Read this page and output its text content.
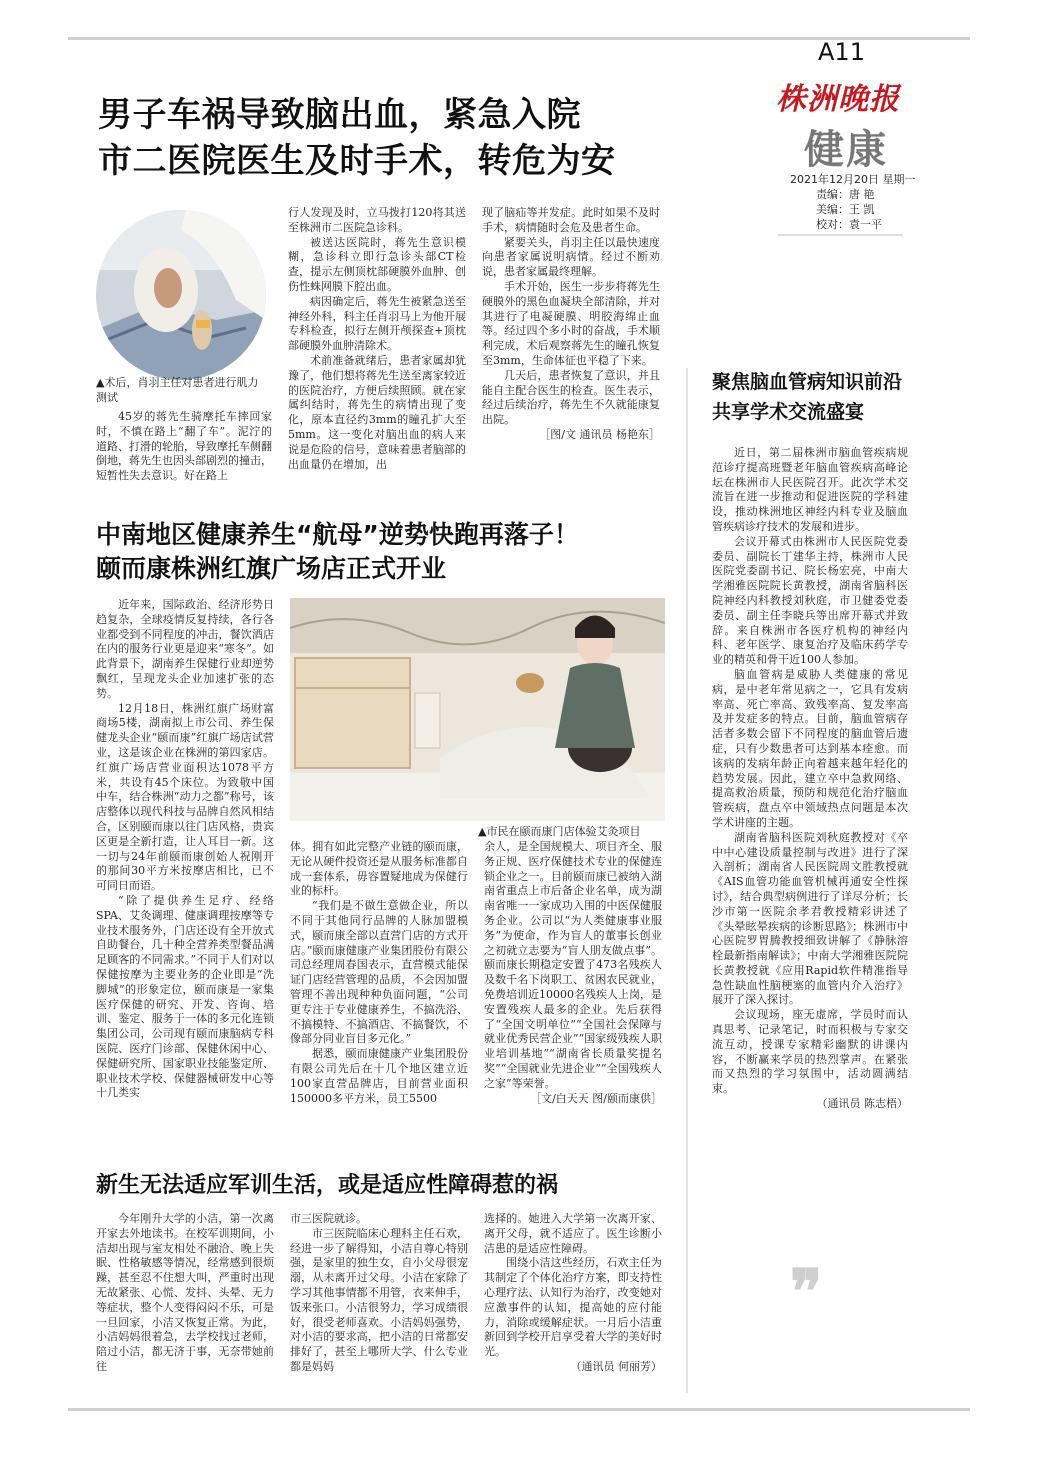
A11
株洲晚报
健康
2021年12月20日 星期一
责编：唐 艳
美编：王 凯
校对：袁一平
男子车祸导致脑出血，紧急入院
市二医院医生及时手术，转危为安
▲术后，肖羽主任对患者进行肌力测试

45岁的蒋先生骑摩托车摔回家时，不慎在路上“翻了车”。泥泞的道路、打滑的轮胎，导致摩托车侧翻倒地，蒋先生也因头部剧烈的撞击，短暂性失去意识。好在路上

行人发现及时，立马拨打120将其送至株洲市二医院急诊科。

被送达医院时，蒋先生意识模糊，急诊科立即行急诊头部CT检查，提示左侧顶枕部硬膜外血肿、创伤性蛛网膜下腔出血。

病因确定后，蒋先生被紧急送至神经外科，科主任肖羽马上为他开展专科检查，拟行左侧开颅探查+顶枕部硬膜外血肿清除术。

术前准备就绪后，患者家属却犹豫了，他们想将蒋先生送至离家较近的医院治疗，方便后续照顾。就在家属纠结时，蒋先生的病情出现了变化，原本直径约3mm的瞳孔扩大至5mm。这一变化对脑出血的病人来说是危险的信号，意味着患者脑部的出血量仍在增加，出

现了脑疝等并发症。此时如果不及时手术，病情随时会危及患者生命。

紧要关头，肖羽主任以最快速度向患者家属说明病情。经过不断劝说，患者家属最终理解。

手术开始，医生一步步将蒋先生硬膜外的黑色血凝块全部清除，并对其进行了电凝硬膜、明胶海绵止血等。经过四个多小时的奋战，手术顺利完成，术后观察蒋先生的瞳孔恢复至3mm，生命体征也平稳了下来。

几天后，患者恢复了意识，并且能自主配合医生的检查。医生表示，经过后续治疗，蒋先生不久就能康复出院。

［图/文 通讯员 杨艳东］

中南地区健康养生“航母”逆势快跑再落子！
颐而康株洲红旗广场店正式开业

近年来，国际政治、经济形势日趋复杂，全球疫情反复持续，各行各业都受到不同程度的冲击，餐饮酒店在内的服务行业更是迎来“寒冬”。如此背景下，湖南养生保健行业却逆势飘红，呈现龙头企业加速扩张的态势。

12月18日，株洲红旗广场财富商场5楼，湖南拟上市公司、养生保健龙头企业“颐而康”红旗广场店试营业，这是该企业在株洲的第四家店。红旗广场店营业面积达1078平方米，共设有45个床位。为致敬中国中车，结合株洲“动力之都”称号，该店整体以现代科技与品牌自然风相结合，区别颐而康以往门店风格，贵宾区更是全新打造，让人耳目一新。这一切与24年前颐而康创始人祝刚开的那间30平方米按摩店相比，已不可同日而语。

“除了提供养生足疗、经络SPA、艾灸调理、健康调理按摩等专业技术服务外，门店还设有全开放式自助餐台，几十种全营养类型餐品满足顾客的不同需求。”不同于人们对以保健按摩为主要业务的企业即是“洗脚城”的形象定位，颐而康是一家集医疗保健的研究、开发、咨询、培训、鉴定、服务于一体的多元化连锁集团公司，公司现有颐而康脑病专科医院、医疗门诊部、保健休闲中心、保健研究所、国家职业技能鉴定所、职业技术学校、保健器械研发中心等十几类实

▲市民在颐而康门店体验艾灸项目

体。拥有如此完整产业链的颐而康，无论从硬件投资还是从服务标准都自成一套体系，毋容置疑地成为保健行业的标杆。

“我们是不做生意做企业，所以不同于其他同行品牌的人脉加盟模式，颐而康全部以直营门店的方式开店。”颐而康健康产业集团股份有限公司总经理周春国表示，直营模式能保证门店经营管理的品质，不会因加盟管理不善出现种种负面问题，“公司更专注于专业健康养生，不搞洗浴、不搞模特、不搞酒店、不搞餐饮，不像部分同业盲目多元化。”

据悉，颐而康健康产业集团股份有限公司先后在十几个地区建立近100家直营品牌店，目前营业面积150000多平方米，员工5500

余人，是全国规模大、项目齐全、服务正规、医疗保健技术专业的保健连锁企业之一。目前颐而康已被纳入湖南省重点上市后备企业名单，成为湖南省唯一一家成功入围的中医保健服务企业。公司以“为人类健康事业服务”为使命，作为盲人的董事长创业之初就立志要为“盲人朋友做点事”。颐而康长期稳定安置了473名残疾人及数千名下岗职工、贫困农民就业，免费培训近10000名残疾人上岗，是安置残疾人最多的企业。先后获得了“全国文明单位”“全国社会保障与就业优秀民营企业”“国家级残疾人职业培训基地”“湖南省长质量奖提名奖”“全国就业先进企业”“全国残疾人之家”等荣誉。

［文/白天天 图/颐而康供］

新生无法适应军训生活，或是适应性障碍惹的祸

今年刚升大学的小洁，第一次离开家去外地读书。在校军训期间，小洁却出现与室友相处不融洽、晚上失眠、性格敏感等情况，经常感到很烦躁，甚至忍不住想大叫，严重时出现无故紧张、心慌、发抖、头晕、无力等症状，整个人变得闷闷不乐，可是一旦回家，小洁又恢复正常。为此，小洁妈妈很着急，去学校找过老师，陪过小洁，都无济于事，无奈带她前往

市三医院就诊。

市三医院临床心理科主任石欢，经进一步了解得知，小洁自尊心特别强，是家里的独生女，自小父母很宠溺，从未离开过父母。小洁在家除了学习其他事情都不用管，衣来伸手，饭来张口。小洁很努力，学习成绩很好，很受老师喜欢。小洁妈妈强势，对小洁的要求高，把小洁的日常都安排好了，甚至上哪所大学、什么专业都是妈妈

选择的。她进入大学第一次离开家、离开父母，就不适应了。医生诊断小洁患的是适应性障碍。

围绕小洁这些经历，石欢主任为其制定了个体化治疗方案，即支持性心理疗法、认知行为治疗，改变她对应激事件的认知，提高她的应付能力，消除或缓解症状。一月后小洁重新回到学校开启享受着大学的美好时光。

（通讯员 何丽芳）

聚焦脑血管病知识前沿
共享学术交流盛宴

近日，第二届株洲市脑血管疾病规范诊疗提高班暨老年脑血管疾病高峰论坛在株洲市人民医院召开。此次学术交流旨在进一步推动和促进医院的学科建设，推动株洲地区神经内科专业及脑血管疾病诊疗技术的发展和进步。

会议开幕式由株洲市人民医院党委委员、副院长丁建华主持，株洲市人民医院党委副书记、院长杨宏亮，中南大学湘雅医院院长黄教授，湖南省脑科医院神经内科教授刘秋庭，市卫健委党委委员、副主任李晓兵等出席开幕式并致辞。来自株洲市各医疗机构的神经内科、老年医学、康复治疗及临床药学专业的精英和骨干近100人参加。

脑血管病是威胁人类健康的常见病，是中老年常见病之一，它具有发病率高、死亡率高、致残率高、复发率高及并发症多的特点。目前，脑血管病存活者多数会留下不同程度的脑血管后遗症，只有少数患者可达到基本痊愈。而该病的发病年龄正向着越来越年轻化的趋势发展。因此，建立卒中急救网络、提高救治质量，预防和规范化治疗脑血管疾病，盘点卒中领域热点问题是本次学术讲座的主题。

湖南省脑科医院刘秋庭教授对《卒中中心建设质量控制与改进》进行了深入剖析；湖南省人民医院周文胜教授就《AIS血管功能血管机械再通安全性探讨》，结合典型病例进行了详尽分析；长沙市第一医院余孝君教授精彩讲述了《头晕眩晕疾病的诊断思路》；株洲市中心医院罗胃腾教授细致讲解了《静脉溶栓最新指南解读》；中南大学湘雅医院院长黄教授就《应用Rapid软件精准指导急性缺血性脑梗塞的血管内介入治疗》展开了深入探讨。

会议现场，座无虚席，学员时而认真思考、记录笔记，时而积极与专家交流互动，授课专家精彩幽默的讲课内容，不断赢来学员的热烈掌声。在紧张而又热烈的学习氛围中，活动圆满结束。

（通讯员 陈志梧）

❞
